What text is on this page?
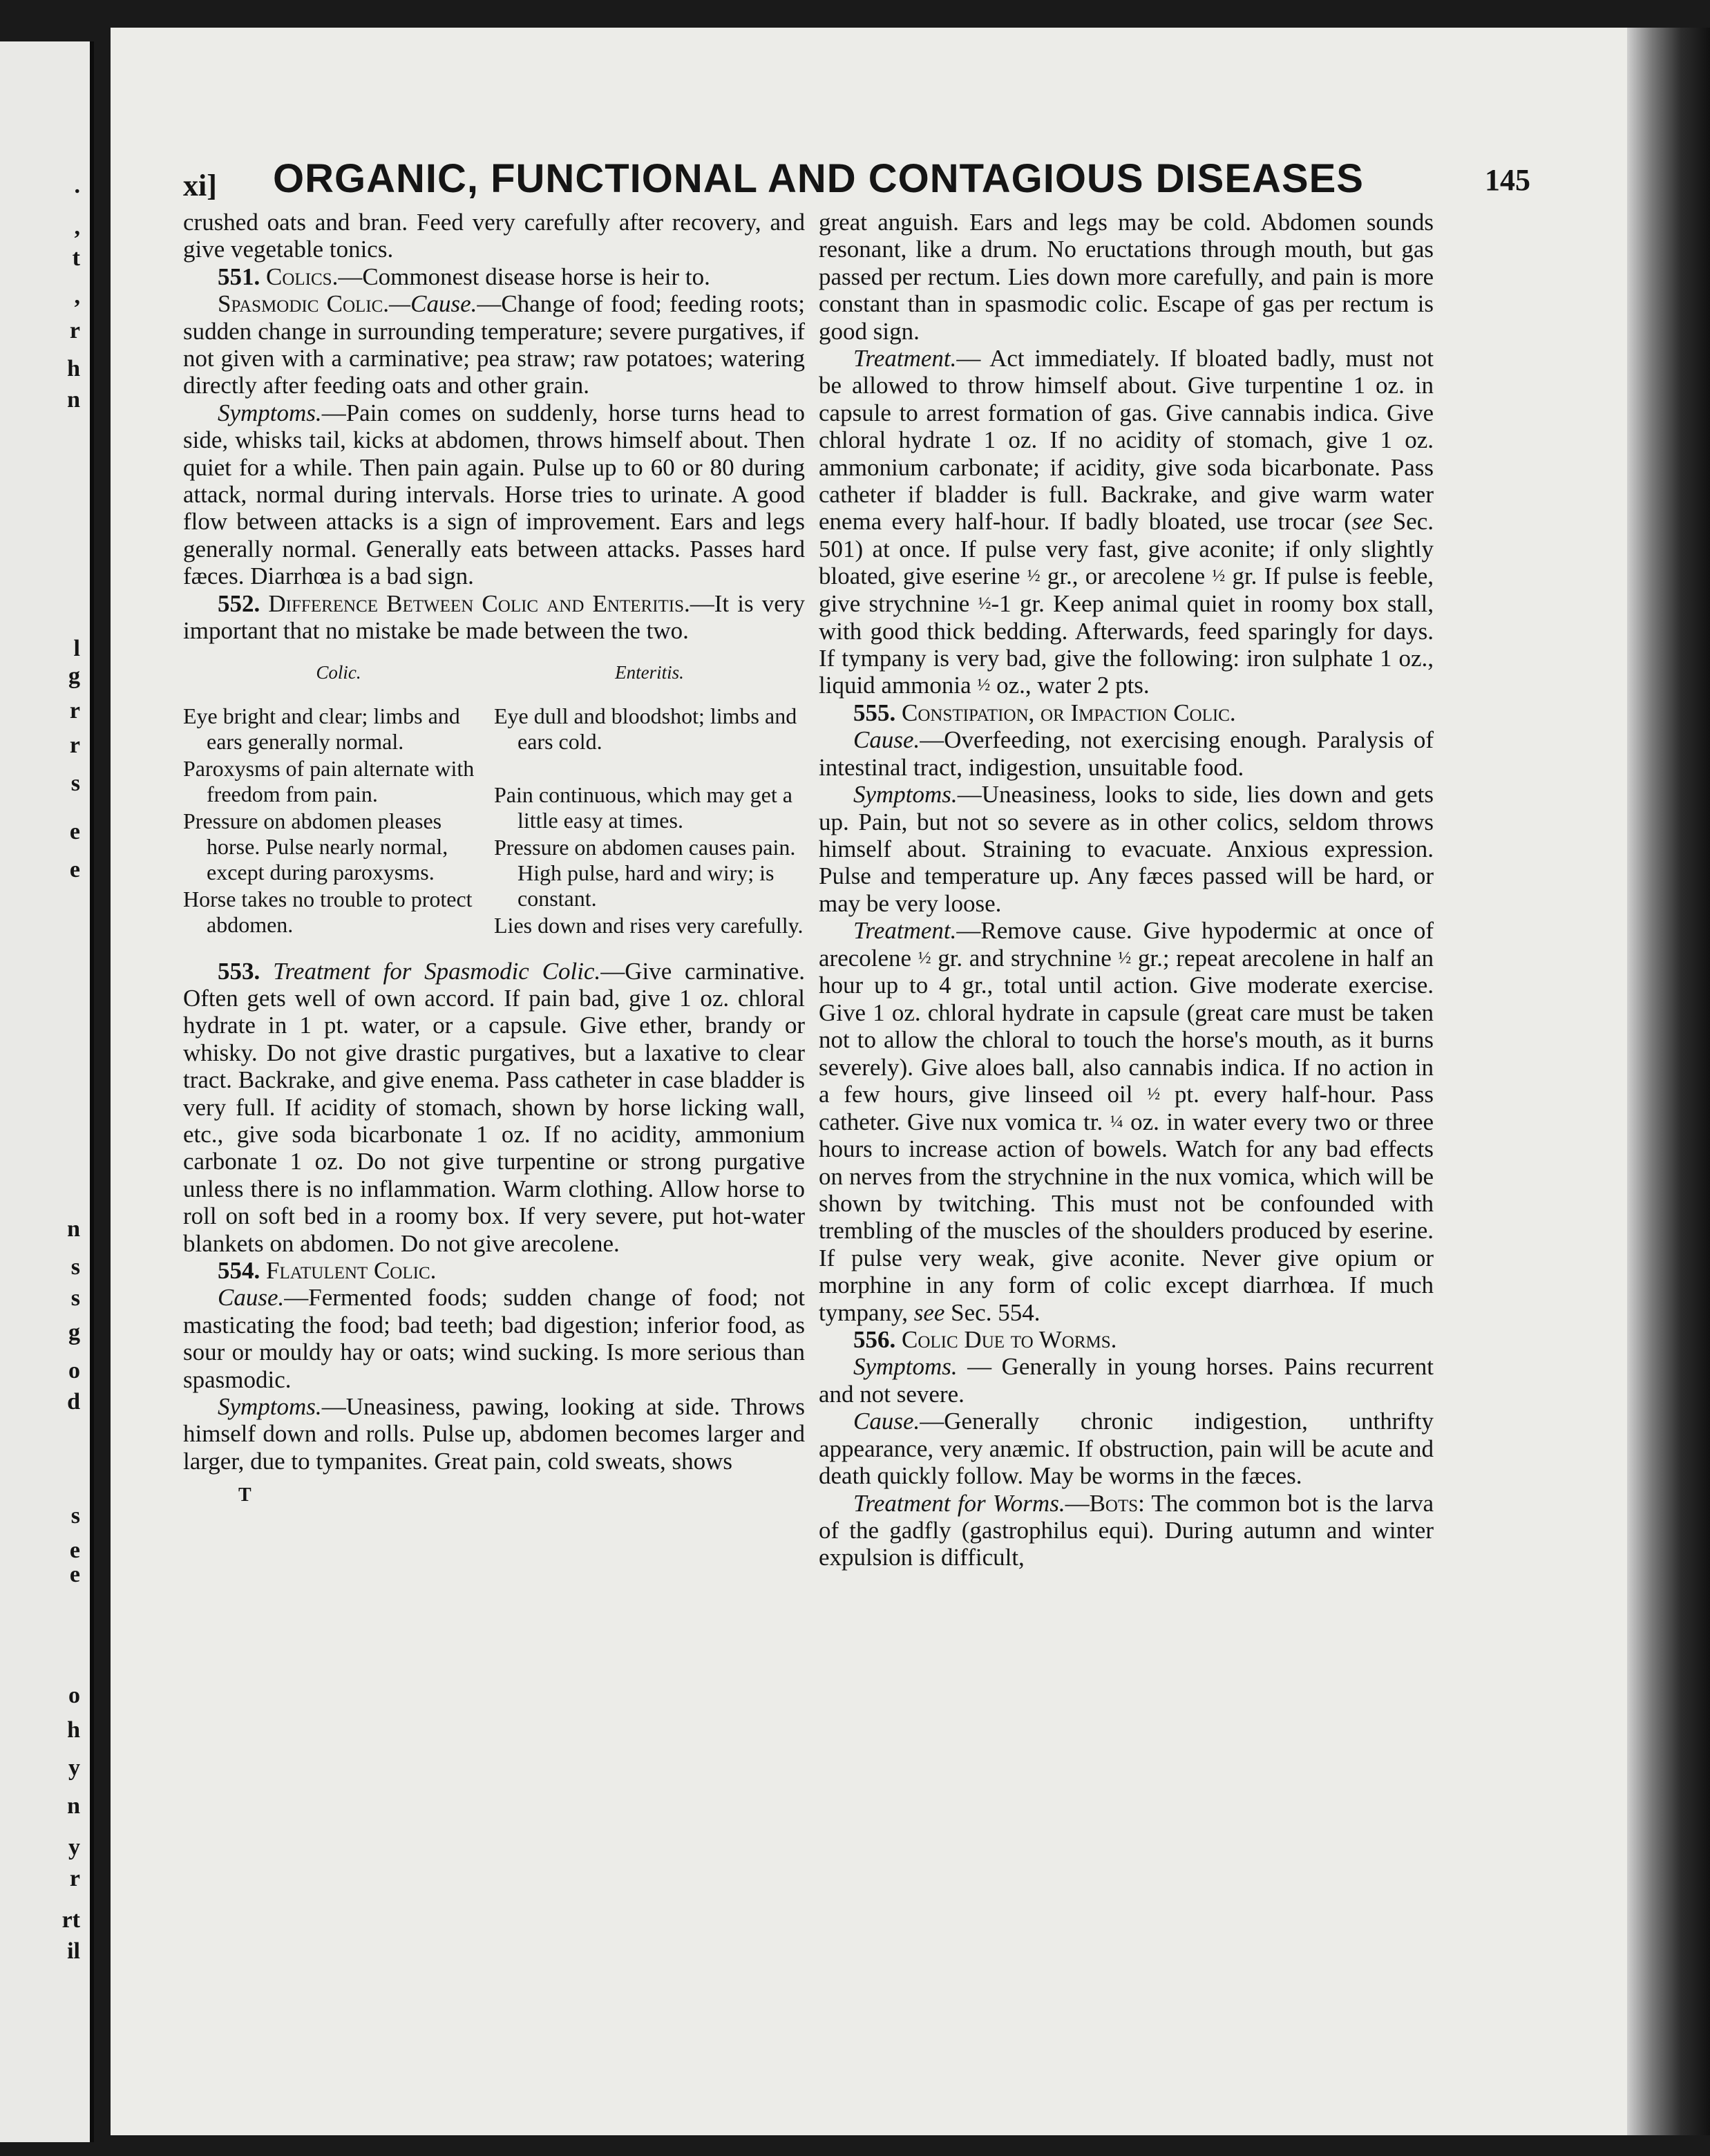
.
,
t
,
r
h
n
l
g
r
r
s
e
e
n
s
s
g
o
d
s
e
e
o
h
y
n
y
r
rt
il
xi] ORGANIC, FUNCTIONAL AND CONTAGIOUS DISEASES	145

crushed oats and bran. Feed very carefully after recovery, and give vegetable tonics.

551. Colics.—Commonest disease horse is heir to.

Spasmodic Colic.—Cause.—Change of food; feeding roots; sudden change in surrounding temperature; severe purgatives, if not given with a carminative; pea straw; raw potatoes; watering directly after feeding oats and other grain.

Symptoms.—Pain comes on suddenly, horse turns head to side, whisks tail, kicks at abdomen, throws himself about. Then quiet for a while. Then pain again. Pulse up to 60 or 80 during attack, normal during intervals. Horse tries to urinate. A good flow between attacks is a sign of improvement. Ears and legs generally normal. Generally eats between attacks. Passes hard fæces. Diarrhœa is a bad sign.

552. Difference Between Colic and Enteritis.—It is very important that no mistake be made between the two.

Colic.
Eye bright and clear; limbs and ears generally normal.
Paroxysms of pain alternate with freedom from pain.
Pressure on abdomen pleases horse. Pulse nearly normal, except during paroxysms.
Horse takes no trouble to protect abdomen.
Enteritis.
Eye dull and bloodshot; limbs and ears cold.
Pain continuous, which may get a little easy at times.
Pressure on abdomen causes pain. High pulse, hard and wiry; is constant.
Lies down and rises very carefully.

553. Treatment for Spasmodic Colic.—Give carminative. Often gets well of own accord. If pain bad, give 1 oz. chloral hydrate in 1 pt. water, or a capsule. Give ether, brandy or whisky. Do not give drastic purgatives, but a laxative to clear tract. Backrake, and give enema. Pass catheter in case bladder is very full. If acidity of stomach, shown by horse licking wall, etc., give soda bicarbonate 1 oz. If no acidity, ammonium carbonate 1 oz. Do not give turpentine or strong purgative unless there is no inflammation. Warm clothing. Allow horse to roll on soft bed in a roomy box. If very severe, put hot-water blankets on abdomen. Do not give arecolene.

554. Flatulent Colic.

Cause.—Fermented foods; sudden change of food; not masticating the food; bad teeth; bad digestion; inferior food, as sour or mouldy hay or oats; wind sucking. Is more serious than spasmodic.

Symptoms.—Uneasiness, pawing, looking at side. Throws himself down and rolls. Pulse up, abdomen becomes larger and larger, due to tympanites. Great pain, cold sweats, shows

T

great anguish. Ears and legs may be cold. Abdomen sounds resonant, like a drum. No eructations through mouth, but gas passed per rectum. Lies down more carefully, and pain is more constant than in spasmodic colic. Escape of gas per rectum is good sign.

Treatment.— Act immediately. If bloated badly, must not be allowed to throw himself about. Give turpentine 1 oz. in capsule to arrest formation of gas. Give cannabis indica. Give chloral hydrate 1 oz. If no acidity of stomach, give 1 oz. ammonium carbonate; if acidity, give soda bicarbonate. Pass catheter if bladder is full. Backrake, and give warm water enema every half-hour. If badly bloated, use trocar (see Sec. 501) at once. If pulse very fast, give aconite; if only slightly bloated, give eserine ½ gr., or arecolene ½ gr. If pulse is feeble, give strychnine ½-1 gr. Keep animal quiet in roomy box stall, with good thick bedding. Afterwards, feed sparingly for days. If tympany is very bad, give the following: iron sulphate 1 oz., liquid ammonia ½ oz., water 2 pts.

555. Constipation, or Impaction Colic.

Cause.—Overfeeding, not exercising enough. Paralysis of intestinal tract, indigestion, unsuitable food.

Symptoms.—Uneasiness, looks to side, lies down and gets up. Pain, but not so severe as in other colics, seldom throws himself about. Straining to evacuate. Anxious expression. Pulse and temperature up. Any fæces passed will be hard, or may be very loose.

Treatment.—Remove cause. Give hypodermic at once of arecolene ½ gr. and strychnine ½ gr.; repeat arecolene in half an hour up to 4 gr., total until action. Give moderate exercise. Give 1 oz. chloral hydrate in capsule (great care must be taken not to allow the chloral to touch the horse's mouth, as it burns severely). Give aloes ball, also cannabis indica. If no action in a few hours, give linseed oil ½ pt. every half-hour. Pass catheter. Give nux vomica tr. ¼ oz. in water every two or three hours to increase action of bowels. Watch for any bad effects on nerves from the strychnine in the nux vomica, which will be shown by twitching. This must not be confounded with trembling of the muscles of the shoulders produced by eserine. If pulse very weak, give aconite. Never give opium or morphine in any form of colic except diarrhœa. If much tympany, see Sec. 554.

556. Colic Due to Worms.

Symptoms. — Generally in young horses. Pains recurrent and not severe.

Cause.—Generally chronic indigestion, unthrifty appearance, very anæmic. If obstruction, pain will be acute and death quickly follow. May be worms in the fæces.

Treatment for Worms.—Bots: The common bot is the larva of the gadfly (gastrophilus equi). During autumn and winter expulsion is difficult,
